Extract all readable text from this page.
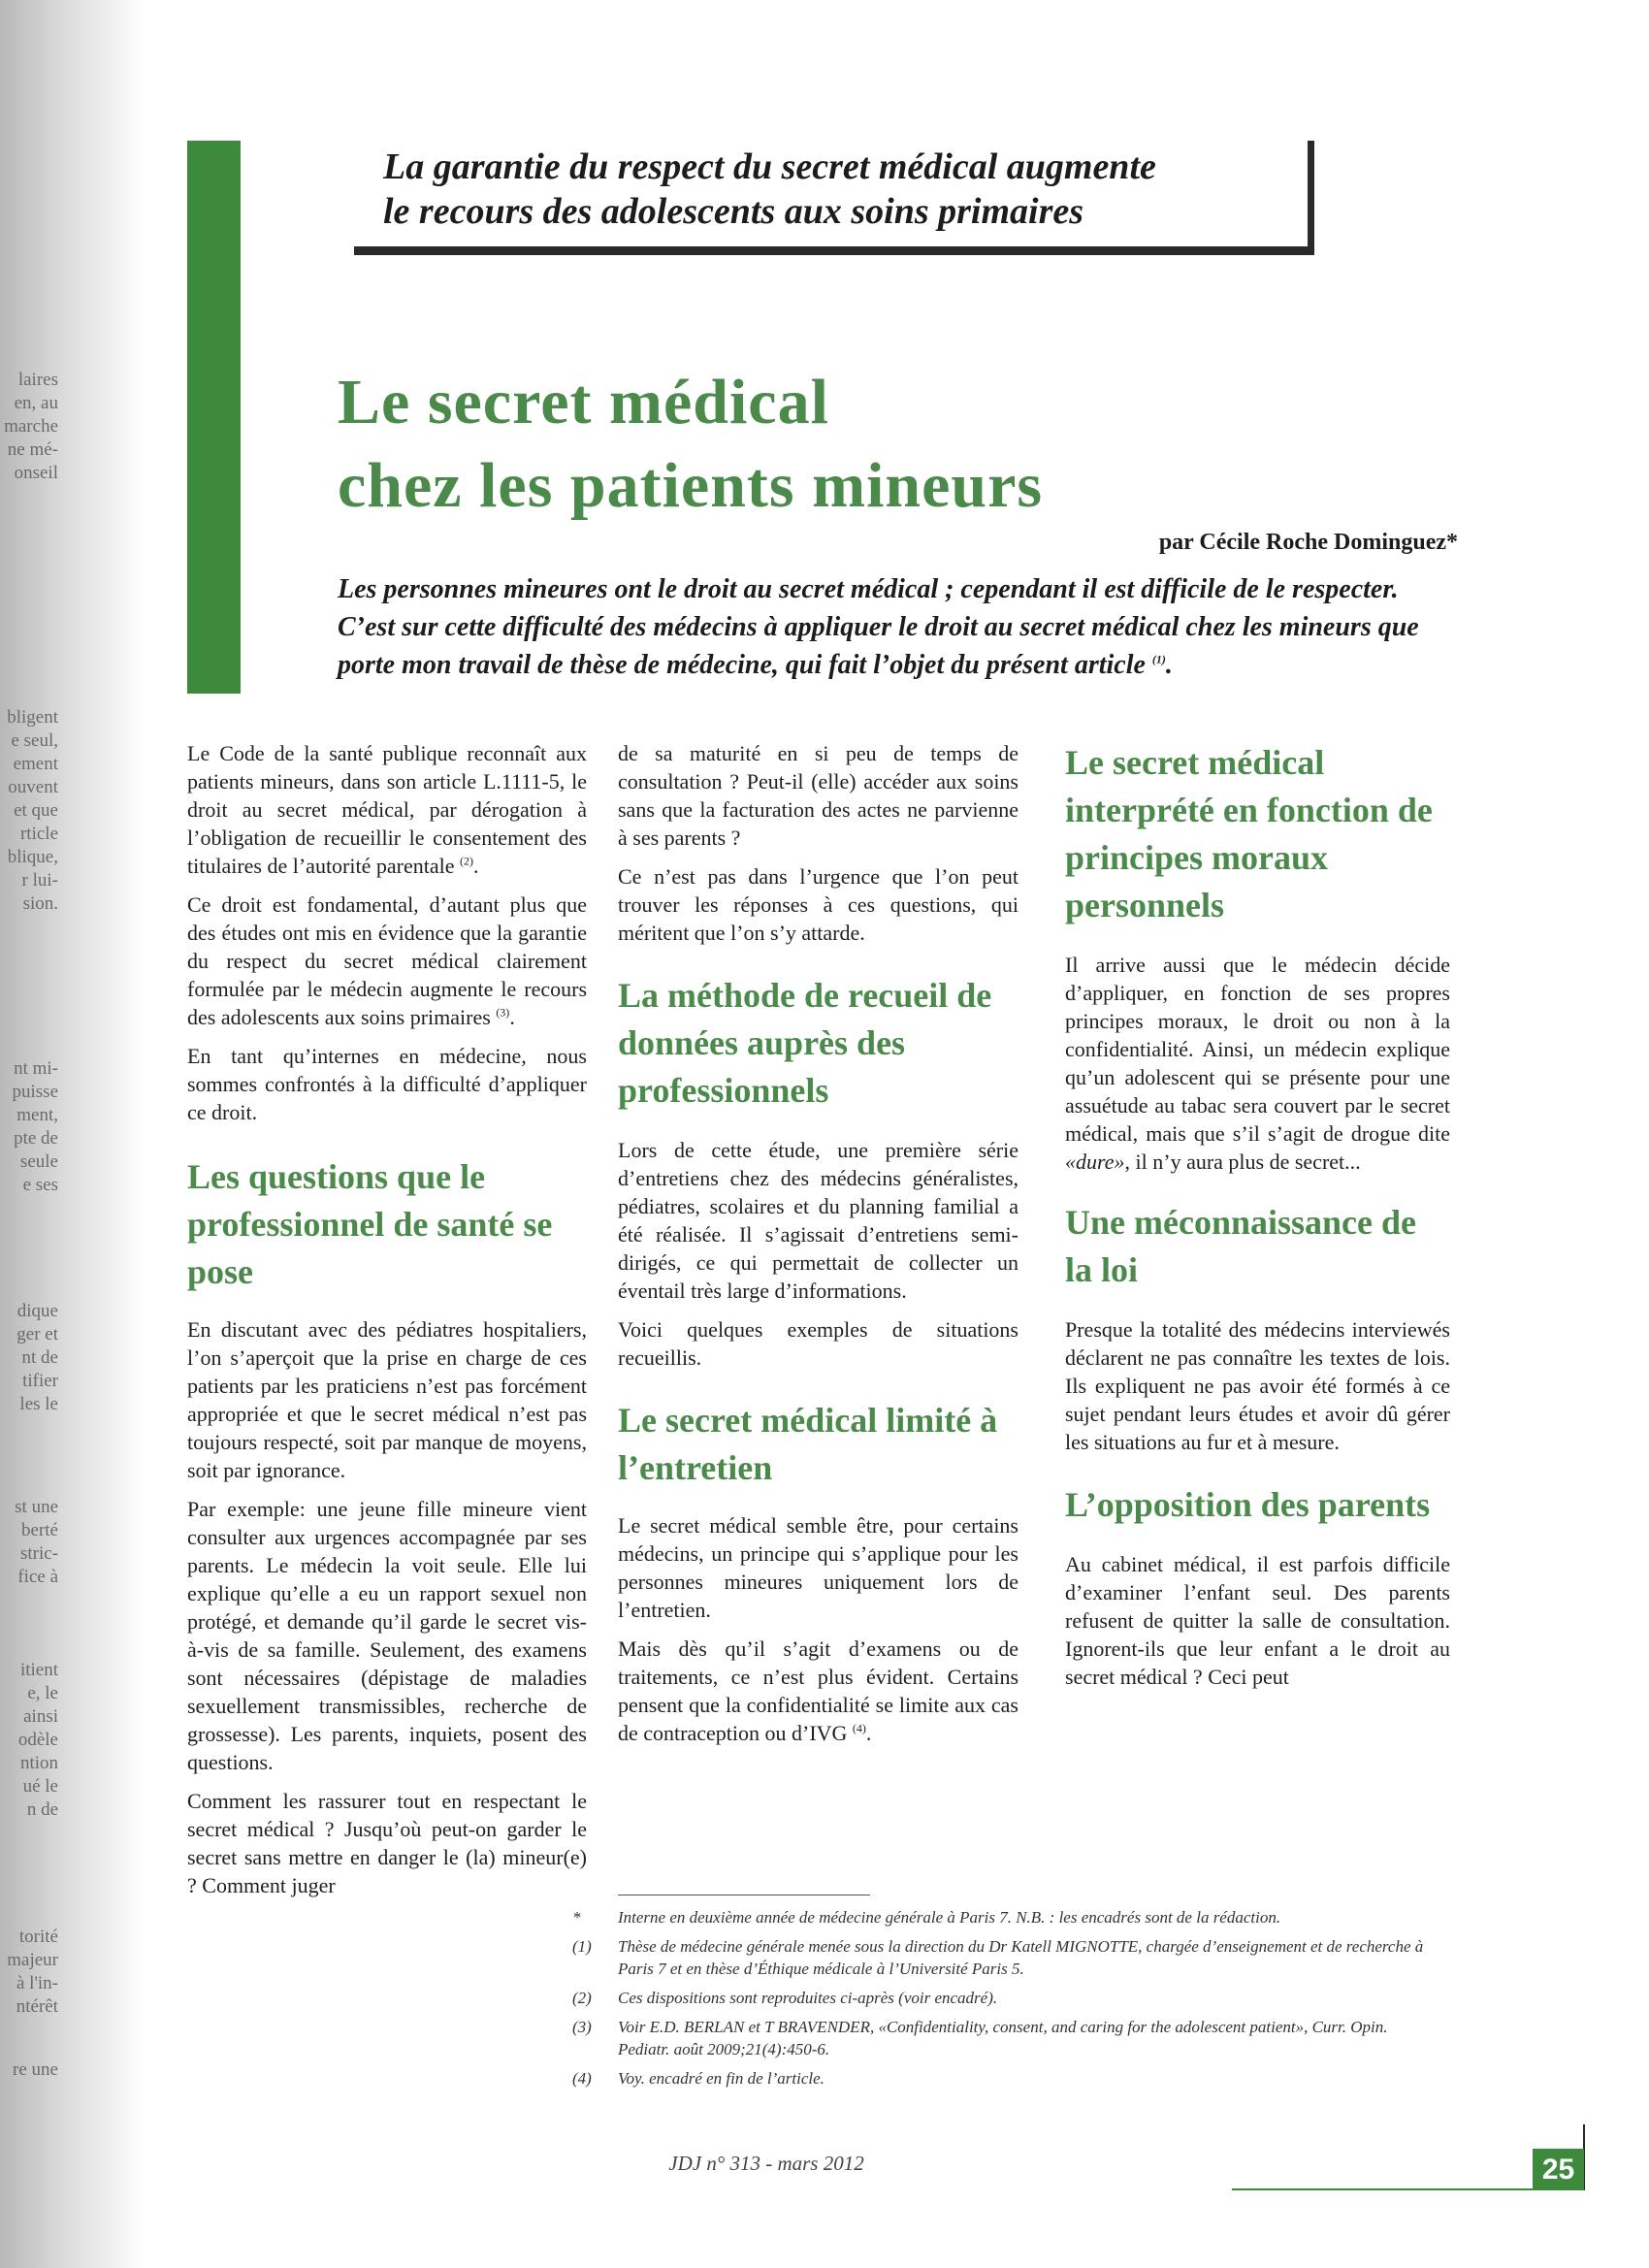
laires

en, au

marche

ne mé-

onseil

bligent

e seul,

ement

ouvent

et que

rticle

blique,

r lui-

sion.

nt mi-

puisse

ment,

pte de

seule

e ses

dique

ger et

nt de

tifier

les le

st une

berté

stric-

fice à

itient

e, le

ainsi

odèle

ntion

ué le

n de

torité

majeur

à l'in-

ntérêt

re une

La garantie du respect du secret médical augmente
le recours des adolescents aux soins primaires

Le secret médical
chez les patients mineurs

par Cécile Roche Dominguez*

Les personnes mineures ont le droit au secret médical ; cependant il est difficile de le respecter. C’est sur cette difficulté des médecins à appliquer le droit au secret médical chez les mineurs que porte mon travail de thèse de médecine, qui fait l’objet du présent article $^{(1)}$.

Le Code de la santé publique reconnaît aux patients mineurs, dans son article L.1111-5, le droit au secret médical, par dérogation à l’obligation de recueillir le consentement des titulaires de l’autorité parentale $^{(2)}$.

Ce droit est fondamental, d’autant plus que des études ont mis en évidence que la garantie du respect du secret médical clairement formulée par le médecin augmente le recours des adolescents aux soins primaires $^{(3)}$.

En tant qu’internes en médecine, nous sommes confrontés à la difficulté d’appliquer ce droit.

Les questions que le professionnel de santé se pose

En discutant avec des pédiatres hospitaliers, l’on s’aperçoit que la prise en charge de ces patients par les praticiens n’est pas forcément appropriée et que le secret médical n’est pas toujours respecté, soit par manque de moyens, soit par ignorance.

Par exemple: une jeune fille mineure vient consulter aux urgences accompagnée par ses parents. Le médecin la voit seule. Elle lui explique qu’elle a eu un rapport sexuel non protégé, et demande qu’il garde le secret vis-à-vis de sa famille. Seulement, des examens sont nécessaires (dépistage de maladies sexuellement transmissibles, recherche de grossesse). Les parents, inquiets, posent des questions.

Comment les rassurer tout en respectant le secret médical ? Jusqu’où peut-on garder le secret sans mettre en danger le (la) mineur(e) ? Comment juger

de sa maturité en si peu de temps de consultation ? Peut-il (elle) accéder aux soins sans que la facturation des actes ne parvienne à ses parents ?

Ce n’est pas dans l’urgence que l’on peut trouver les réponses à ces questions, qui méritent que l’on s’y attarde.

La méthode de recueil de données auprès des professionnels

Lors de cette étude, une première série d’entretiens chez des médecins généralistes, pédiatres, scolaires et du planning familial a été réalisée. Il s’agissait d’entretiens semi-dirigés, ce qui permettait de collecter un éventail très large d’informations.

Voici quelques exemples de situations recueillis.

Le secret médical limité à l’entretien

Le secret médical semble être, pour certains médecins, un principe qui s’applique pour les personnes mineures uniquement lors de l’entretien.

Mais dès qu’il s’agit d’examens ou de traitements, ce n’est plus évident. Certains pensent que la confidentialité se limite aux cas de contraception ou d’IVG $^{(4)}$.

Le secret médical interprété en fonction de principes moraux personnels

Il arrive aussi que le médecin décide d’appliquer, en fonction de ses propres principes moraux, le droit ou non à la confidentialité. Ainsi, un médecin explique qu’un adolescent qui se présente pour une assuétude au tabac sera couvert par le secret médical, mais que s’il s’agit de drogue dite «dure», il n’y aura plus de secret...

Une méconnaissance de la loi

Presque la totalité des médecins interviewés déclarent ne pas connaître les textes de lois. Ils expliquent ne pas avoir été formés à ce sujet pendant leurs études et avoir dû gérer les situations au fur et à mesure.

L’opposition des parents

Au cabinet médical, il est parfois difficile d’examiner l’enfant seul. Des parents refusent de quitter la salle de consultation. Ignorent-ils que leur enfant a le droit au secret médical ? Ceci peut

*	Interne en deuxième année de médecine générale à Paris 7. N.B. : les encadrés sont de la rédaction.
(1)	Thèse de médecine générale menée sous la direction du Dr Katell MIGNOTTE, chargée d’enseignement et de recherche à Paris 7 et en thèse d’Éthique médicale à l’Université Paris 5.
(2)	Ces dispositions sont reproduites ci-après (voir encadré).
(3)	Voir E.D. BERLAN et T BRAVENDER, «Confidentiality, consent, and caring for the adolescent patient», Curr. Opin. Pediatr. août 2009;21(4):450-6.
(4)	Voy. encadré en fin de l’article.

JDJ n° 313 - mars 2012	25
